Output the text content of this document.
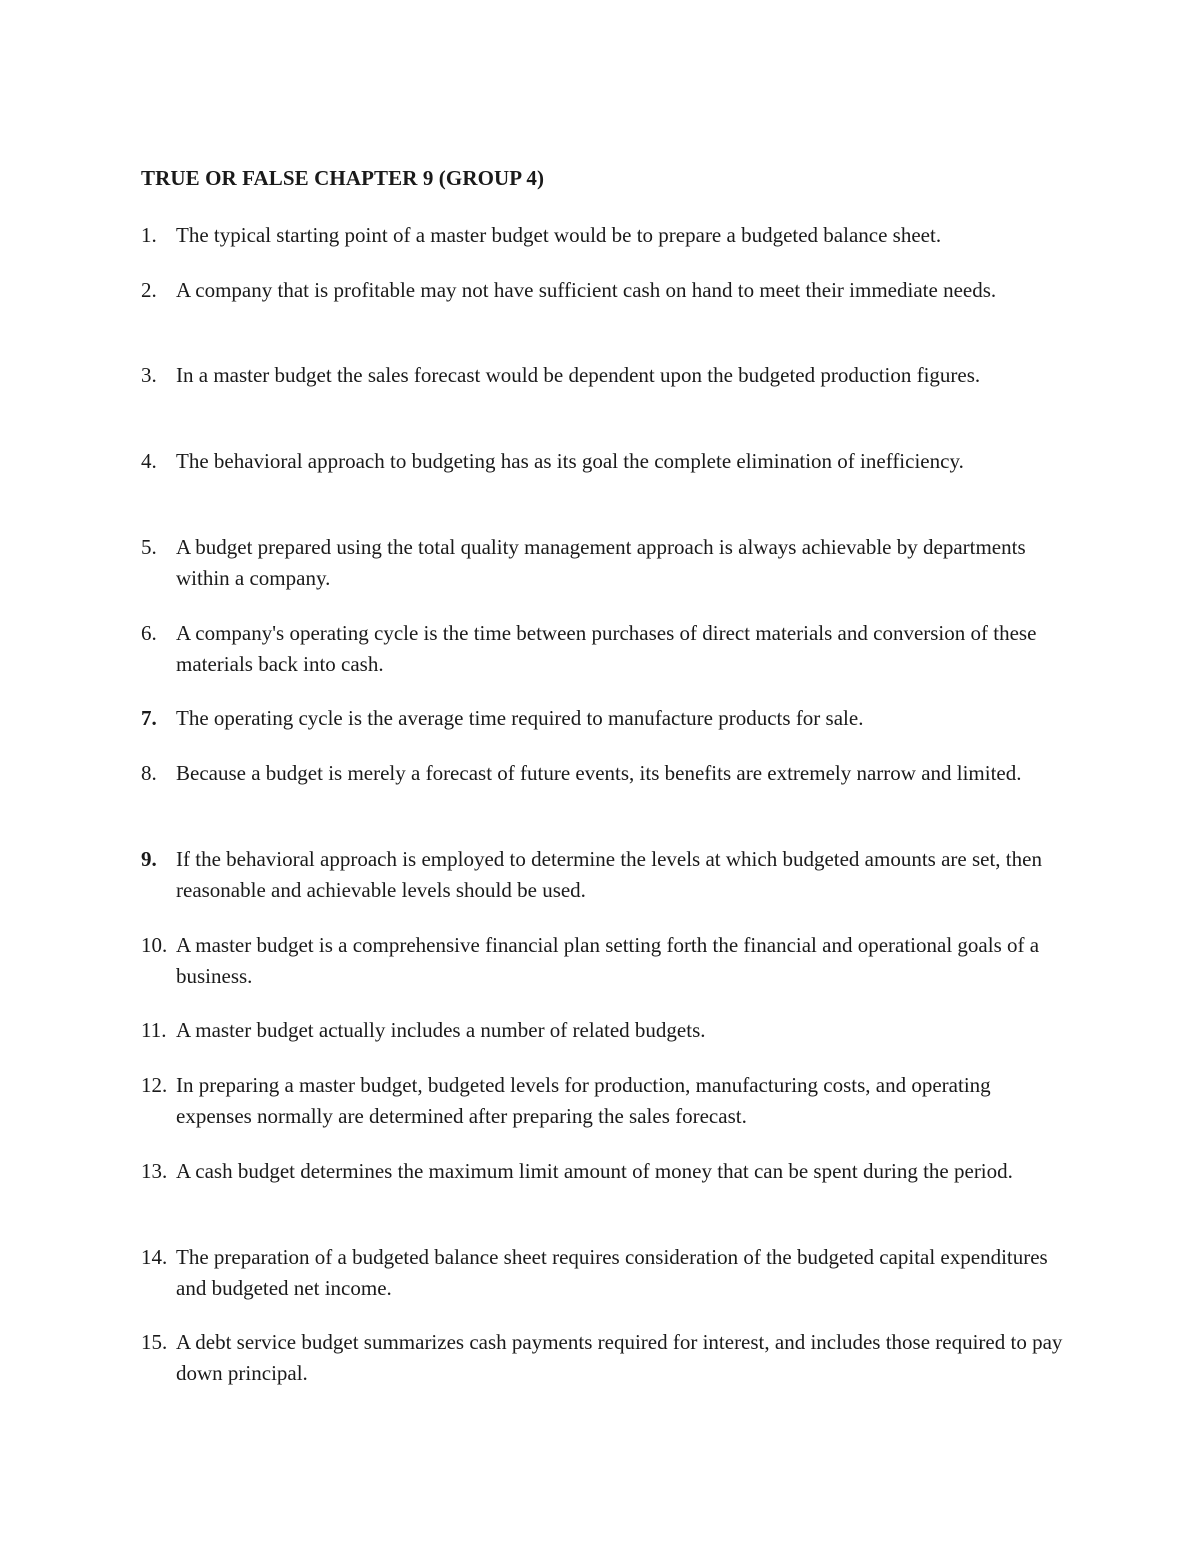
TRUE OR FALSE CHAPTER 9 (GROUP 4)
1. The typical starting point of a master budget would be to prepare a budgeted balance sheet.
2. A company that is profitable may not have sufficient cash on hand to meet their immediate needs.
3. In a master budget the sales forecast would be dependent upon the budgeted production figures.
4. The behavioral approach to budgeting has as its goal the complete elimination of inefficiency.
5. A budget prepared using the total quality management approach is always achievable by departments within a company.
6. A company's operating cycle is the time between purchases of direct materials and conversion of these materials back into cash.
7. The operating cycle is the average time required to manufacture products for sale.
8. Because a budget is merely a forecast of future events, its benefits are extremely narrow and limited.
9. If the behavioral approach is employed to determine the levels at which budgeted amounts are set, then reasonable and achievable levels should be used.
10. A master budget is a comprehensive financial plan setting forth the financial and operational goals of a business.
11. A master budget actually includes a number of related budgets.
12. In preparing a master budget, budgeted levels for production, manufacturing costs, and operating expenses normally are determined after preparing the sales forecast.
13. A cash budget determines the maximum limit amount of money that can be spent during the period.
14. The preparation of a budgeted balance sheet requires consideration of the budgeted capital expenditures and budgeted net income.
15. A debt service budget summarizes cash payments required for interest, and includes those required to pay down principal.
